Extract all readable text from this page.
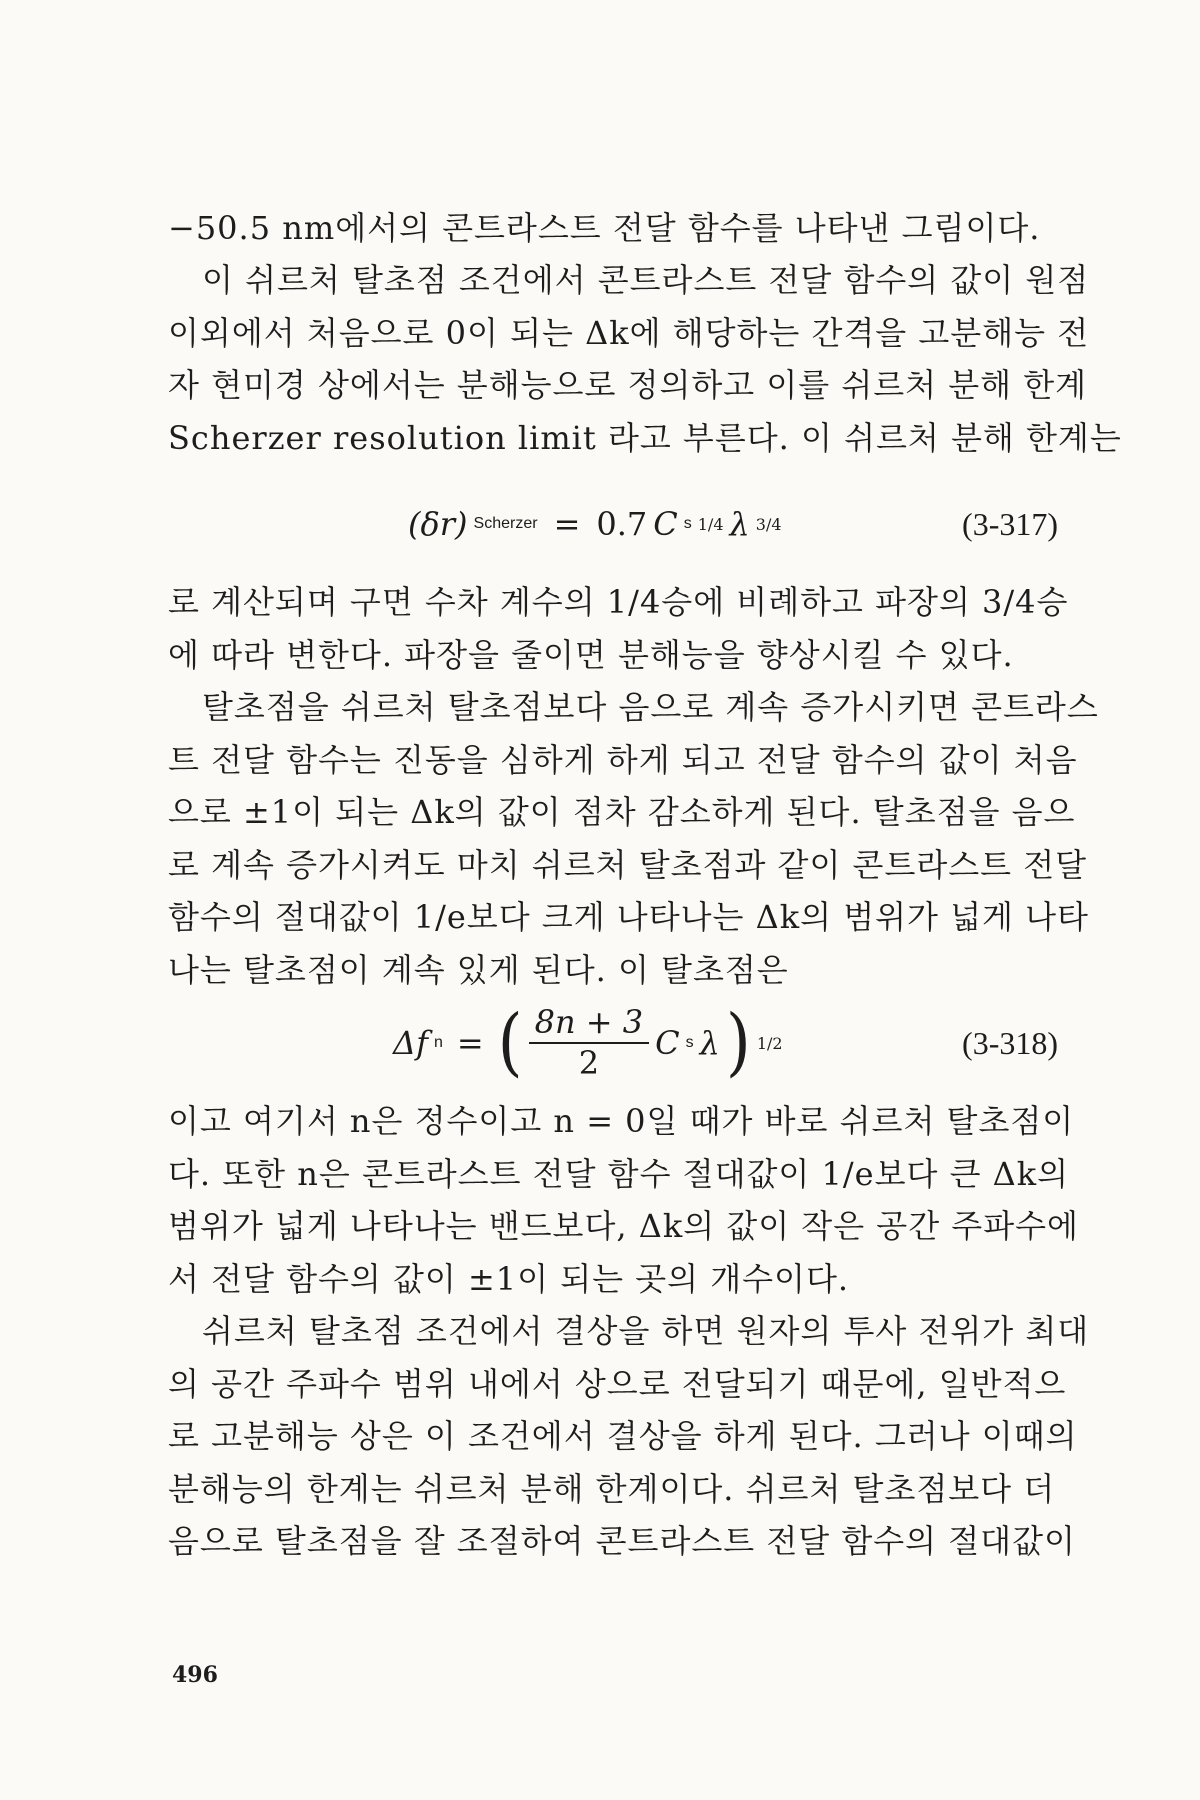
−50.5 nm에서의 콘트라스트 전달 함수를 나타낸 그림이다.
이 쉬르처 탈초점 조건에서 콘트라스트 전달 함수의 값이 원점
이외에서 처음으로 0이 되는 Δk에 해당하는 간격을 고분해능 전
자 현미경 상에서는 분해능으로 정의하고 이를 쉬르처 분해 한계
Scherzer resolution limit 라고 부른다. 이 쉬르처 분해 한계는
(δr) Scherzer = 0.7 C s 1/4 λ 3/4	(3-317)
로 계산되며 구면 수차 계수의 1/4승에 비례하고 파장의 3/4승
에 따라 변한다. 파장을 줄이면 분해능을 향상시킬 수 있다.
탈초점을 쉬르처 탈초점보다 음으로 계속 증가시키면 콘트라스
트 전달 함수는 진동을 심하게 하게 되고 전달 함수의 값이 처음
으로 ±1이 되는 Δk의 값이 점차 감소하게 된다. 탈초점을 음으
로 계속 증가시켜도 마치 쉬르처 탈초점과 같이 콘트라스트 전달
함수의 절대값이 1/e보다 크게 나타나는 Δk의 범위가 넓게 나타
나는 탈초점이 계속 있게 된다. 이 탈초점은
Δf n = ( $\frac{8n + 3}{2}$ C s λ ) 1/2	(3-318)
이고 여기서 n은 정수이고 n = 0일 때가 바로 쉬르처 탈초점이
다. 또한 n은 콘트라스트 전달 함수 절대값이 1/e보다 큰 Δk의
범위가 넓게 나타나는 밴드보다, Δk의 값이 작은 공간 주파수에
서 전달 함수의 값이 ±1이 되는 곳의 개수이다.
쉬르처 탈초점 조건에서 결상을 하면 원자의 투사 전위가 최대
의 공간 주파수 범위 내에서 상으로 전달되기 때문에, 일반적으
로 고분해능 상은 이 조건에서 결상을 하게 된다. 그러나 이때의
분해능의 한계는 쉬르처 분해 한계이다. 쉬르처 탈초점보다 더
음으로 탈초점을 잘 조절하여 콘트라스트 전달 함수의 절대값이
496
